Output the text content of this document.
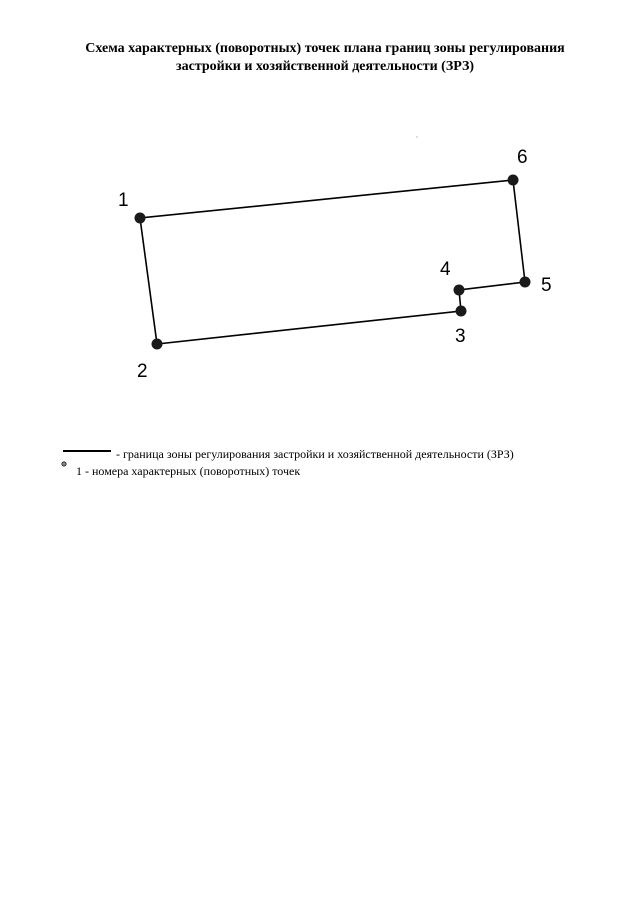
Схема характерных (поворотных) точек плана границ зоны регулирования
застройки и хозяйственной деятельности (ЗРЗ)
1
2
3
4
5
6
- граница зоны регулирования застройки и хозяйственной деятельности (ЗРЗ)
1 - номера характерных (поворотных) точек
